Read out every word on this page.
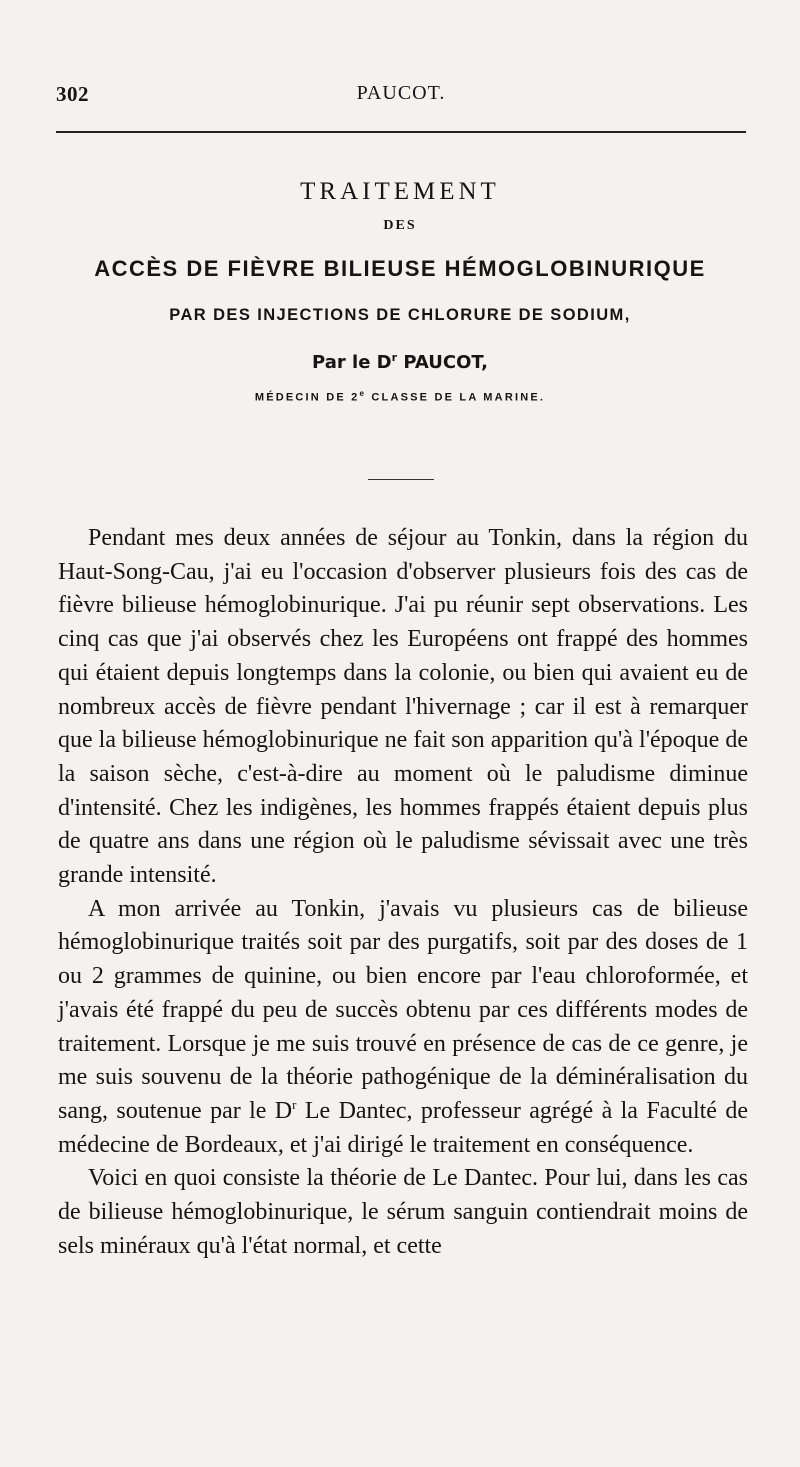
302	PAUCOT.
TRAITEMENT
DES
ACCÈS DE FIÈVRE BILIEUSE HÉMOGLOBINURIQUE
PAR DES INJECTIONS DE CHLORURE DE SODIUM,
Par le $D^r$ PAUCOT,
MÉDECIN DE 2e CLASSE DE LA MARINE.

Pendant mes deux années de séjour au Tonkin, dans la région du Haut-Song-Cau, j'ai eu l'occasion d'observer plusieurs fois des cas de fièvre bilieuse hémoglobinurique. J'ai pu réunir sept observations. Les cinq cas que j'ai observés chez les Européens ont frappé des hommes qui étaient depuis longtemps dans la colonie, ou bien qui avaient eu de nombreux accès de fièvre pendant l'hivernage ; car il est à remarquer que la bilieuse hémoglobinurique ne fait son apparition qu'à l'époque de la saison sèche, c'est-à-dire au moment où le paludisme diminue d'intensité. Chez les indigènes, les hommes frappés étaient depuis plus de quatre ans dans une région où le paludisme sévissait avec une très grande intensité.

A mon arrivée au Tonkin, j'avais vu plusieurs cas de bilieuse hémoglobinurique traités soit par des purgatifs, soit par des doses de 1 ou 2 grammes de quinine, ou bien encore par l'eau chloroformée, et j'avais été frappé du peu de succès obtenu par ces différents modes de traitement. Lorsque je me suis trouvé en présence de cas de ce genre, je me suis souvenu de la théorie pathogénique de la déminéralisation du sang, soutenue par le $D^r$ Le Dantec, professeur agrégé à la Faculté de médecine de Bordeaux, et j'ai dirigé le traitement en conséquence.

Voici en quoi consiste la théorie de Le Dantec. Pour lui, dans les cas de bilieuse hémoglobinurique, le sérum sanguin contiendrait moins de sels minéraux qu'à l'état normal, et cette
